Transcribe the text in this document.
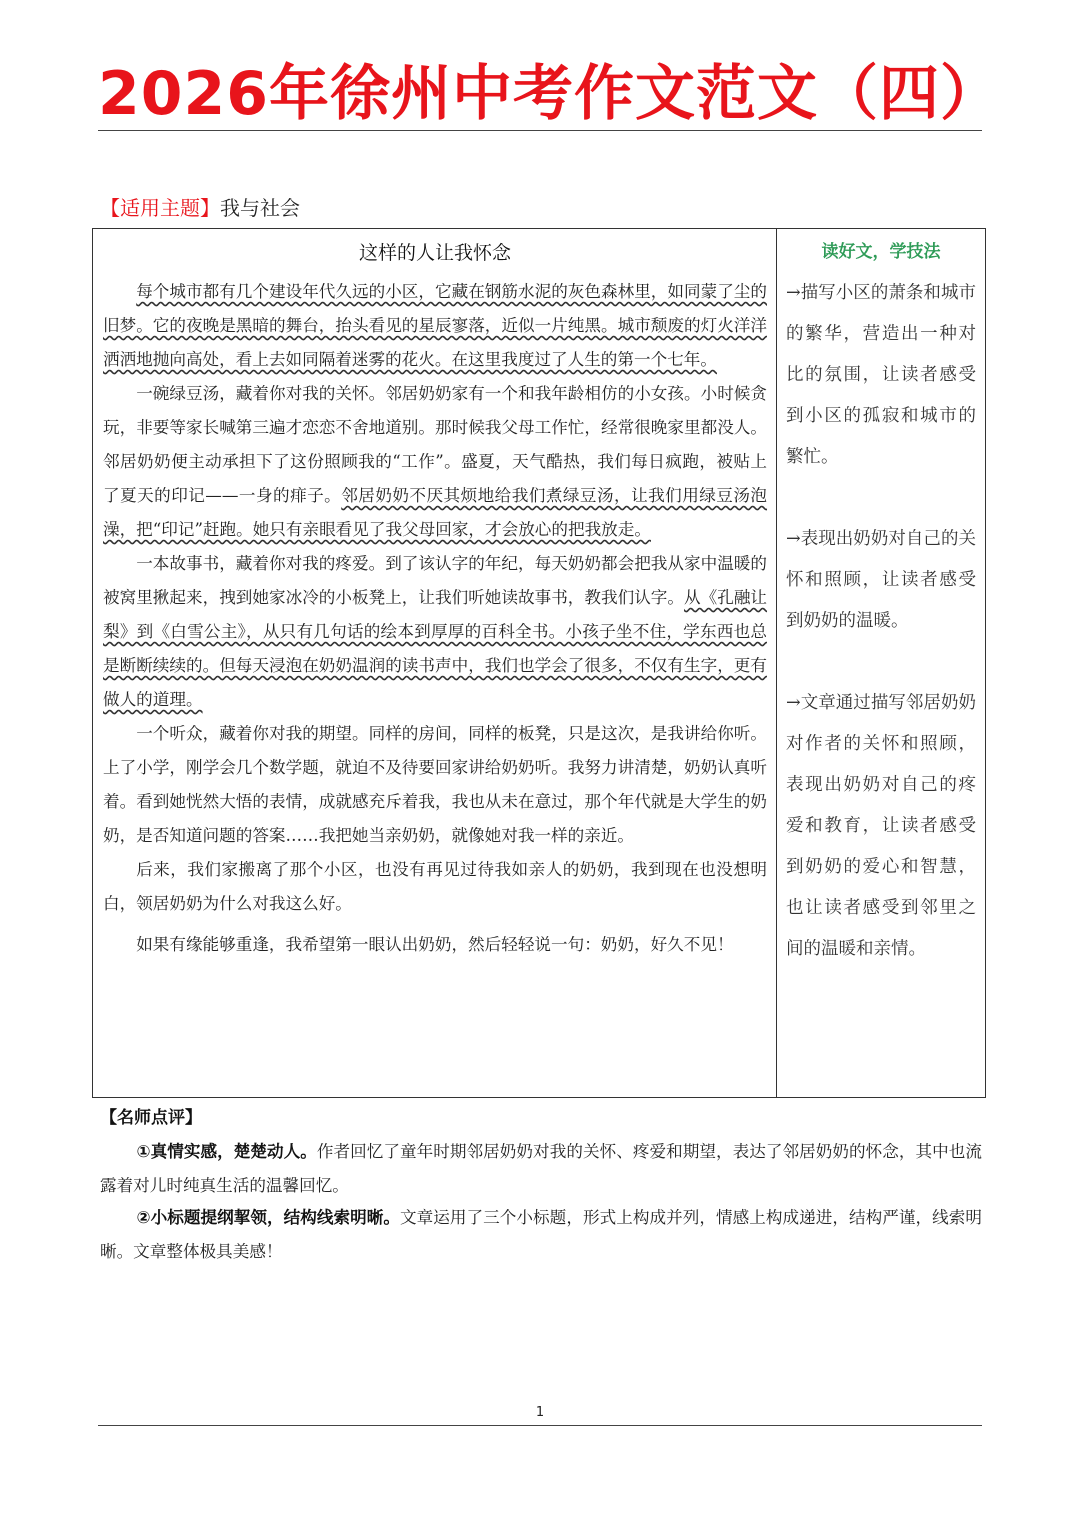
2026年徐州中考作文范文（四）
【适用主题】我与社会
这样的人让我怀念

每个城市都有几个建设年代久远的小区，它藏在钢筋水泥的灰色森林里，如同蒙了尘的旧梦。它的夜晚是黑暗的舞台，抬头看见的星辰寥落，近似一片纯黑。城市颓废的灯火洋洋洒洒地抛向高处，看上去如同隔着迷雾的花火。在这里我度过了人生的第一个七年。

一碗绿豆汤，藏着你对我的关怀。邻居奶奶家有一个和我年龄相仿的小女孩。小时候贪玩，非要等家长喊第三遍才恋恋不舍地道别。那时候我父母工作忙，经常很晚家里都没人。邻居奶奶便主动承担下了这份照顾我的“工作”。盛夏，天气酷热，我们每日疯跑，被贴上了夏天的印记——一身的痱子。邻居奶奶不厌其烦地给我们煮绿豆汤，让我们用绿豆汤泡澡，把“印记”赶跑。她只有亲眼看见了我父母回家，才会放心的把我放走。

一本故事书，藏着你对我的疼爱。到了该认字的年纪，每天奶奶都会把我从家中温暖的被窝里揪起来，拽到她家冰冷的小板凳上，让我们听她读故事书，教我们认字。从《孔融让梨》到《白雪公主》，从只有几句话的绘本到厚厚的百科全书。小孩子坐不住，学东西也总是断断续续的。但每天浸泡在奶奶温润的读书声中，我们也学会了很多，不仅有生字，更有做人的道理。

一个听众，藏着你对我的期望。同样的房间，同样的板凳，只是这次，是我讲给你听。上了小学，刚学会几个数学题，就迫不及待要回家讲给奶奶听。我努力讲清楚，奶奶认真听着。看到她恍然大悟的表情，成就感充斥着我，我也从未在意过，那个年代就是大学生的奶奶，是否知道问题的答案……我把她当亲奶奶，就像她对我一样的亲近。

后来，我们家搬离了那个小区，也没有再见过待我如亲人的奶奶，我到现在也没想明白，领居奶奶为什么对我这么好。

如果有缘能够重逢，我希望第一眼认出奶奶，然后轻轻说一句：奶奶，好久不见！

读好文，学技法
→描写小区的萧条和城市的繁华，营造出一种对比的氛围，让读者感受到小区的孤寂和城市的繁忙。
→表现出奶奶对自己的关怀和照顾，让读者感受到奶奶的温暖。
→文章通过描写邻居奶奶对作者的关怀和照顾，表现出奶奶对自己的疼爱和教育，让读者感受到奶奶的爱心和智慧，也让读者感受到邻里之间的温暖和亲情。
【名师点评】

①真情实感，楚楚动人。作者回忆了童年时期邻居奶奶对我的关怀、疼爱和期望，表达了邻居奶奶的怀念，其中也流露着对儿时纯真生活的温馨回忆。

②小标题提纲挈领，结构线索明晰。文章运用了三个小标题，形式上构成并列，情感上构成递进，结构严谨，线索明晰。文章整体极具美感！

1
